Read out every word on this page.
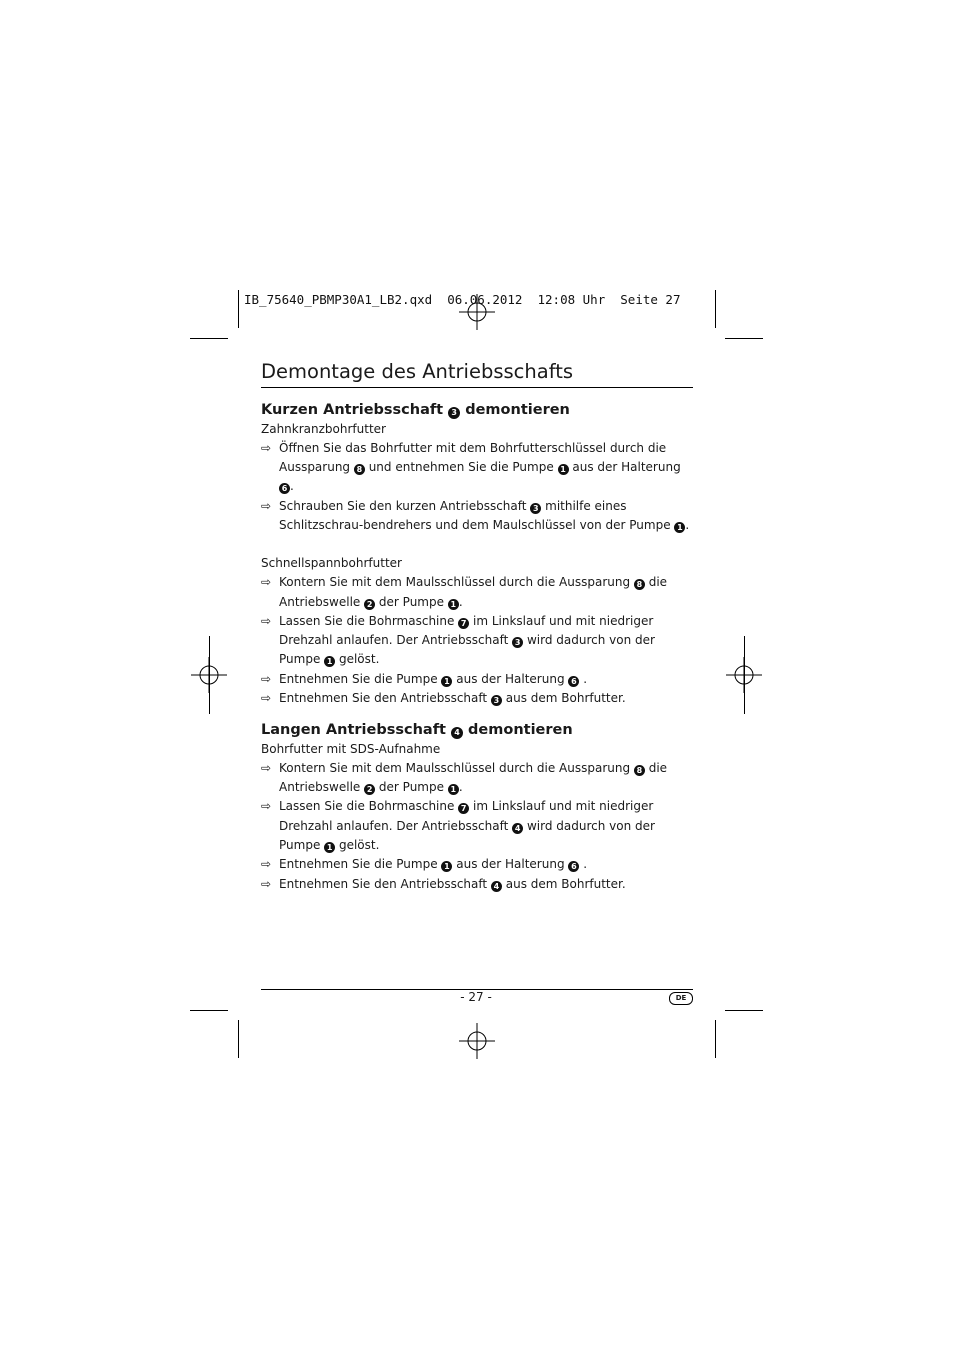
IB_75640_PBMP30A1_LB2.qxd  06.06.2012  12:08 Uhr  Seite 27
Demontage des Antriebsschafts
Kurzen Antriebsschaft 3 demontieren

Zahnkranzbohrfutter

⇨ Öffnen Sie das Bohrfutter mit dem Bohrfutterschlüssel durch die Aussparung 8 und entnehmen Sie die Pumpe 1 aus der Halterung 6 .
⇨ Schrauben Sie den kurzen Antriebsschaft 3 mithilfe eines Schlitzschrau-bendrehers und dem Maulschlüssel von der Pumpe 1 .

Schnellspannbohrfutter

⇨ Kontern Sie mit dem Maulsschlüssel durch die Aussparung 8 die Antriebswelle 2 der Pumpe 1 .
⇨ Lassen Sie die Bohrmaschine 7 im Linkslauf und mit niedriger Drehzahl anlaufen. Der Antriebsschaft 3 wird dadurch von der Pumpe 1 gelöst.
⇨ Entnehmen Sie die Pumpe 1 aus der Halterung 6 .
⇨ Entnehmen Sie den Antriebsschaft 3 aus dem Bohrfutter.
Langen Antriebsschaft 4 demontieren

Bohrfutter mit SDS-Aufnahme

⇨ Kontern Sie mit dem Maulsschlüssel durch die Aussparung 8 die Antriebswelle 2 der Pumpe 1 .
⇨ Lassen Sie die Bohrmaschine 7 im Linkslauf und mit niedriger Drehzahl anlaufen. Der Antriebsschaft 4 wird dadurch von der Pumpe 1 gelöst.
⇨ Entnehmen Sie die Pumpe 1 aus der Halterung 6 .
⇨ Entnehmen Sie den Antriebsschaft 4 aus dem Bohrfutter.
- 27 -	DE
